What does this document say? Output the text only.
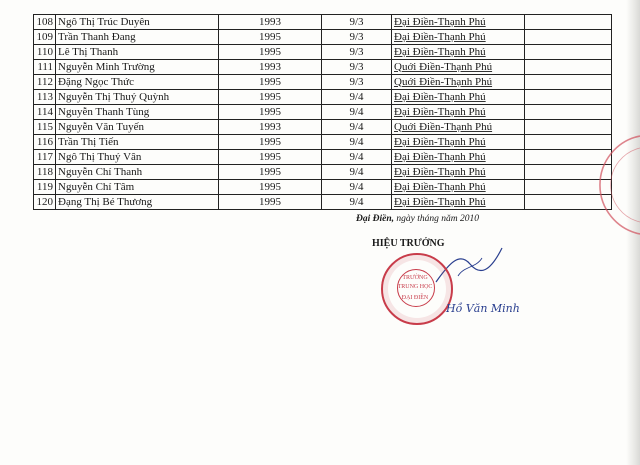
108	Ngô Thị Trúc Duyên	1993	9/3	Đại Điền-Thạnh Phú	
109	Trần Thanh Đang	1995	9/3	Đại Điền-Thạnh Phú	
110	Lê Thị Thanh	1995	9/3	Đại Điền-Thạnh Phú	
111	Nguyễn Minh Trường	1993	9/3	Quới Điền-Thạnh Phú	
112	Đặng Ngọc Thức	1995	9/3	Quới Điền-Thạnh Phú	
113	Nguyễn Thị Thuý Quỳnh	1995	9/4	Đại Điền-Thạnh Phú	
114	Nguyễn Thanh Tùng	1995	9/4	Đại Điền-Thạnh Phú	
115	Nguyễn Văn Tuyến	1993	9/4	Quới Điền-Thạnh Phú	
116	Trần Thị Tiến	1995	9/4	Đại Điền-Thạnh Phú	
117	Ngô Thị Thuý Vân	1995	9/4	Đại Điền-Thạnh Phú	
118	Nguyễn Chí Thanh	1995	9/4	Đại Điền-Thạnh Phú	
119	Nguyễn Chí Tâm	1995	9/4	Đại Điền-Thạnh Phú	
120	Đạng Thị Bé Thương	1995	9/4	Đại Điền-Thạnh Phú	
Đại Điền, ngày tháng năm 2010
HIỆU TRƯỞNG
TRƯỜNG
TRUNG HỌC
ĐẠI ĐIỀN
Hồ Văn Minh
